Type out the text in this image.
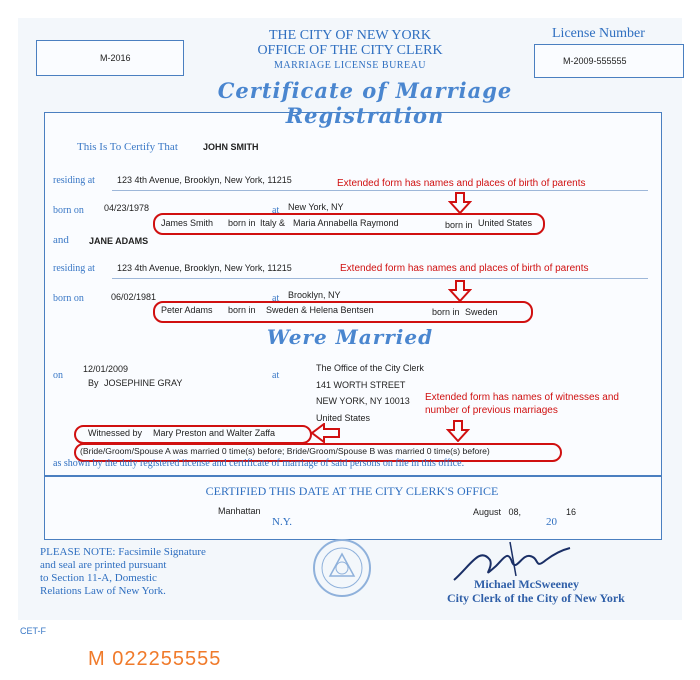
M-2016
THE CITY OF NEW YORK
OFFICE OF THE CITY CLERK
MARRIAGE LICENSE BUREAU
License Number
M-2009-555555
Certificate of Marriage Registration
This Is To Certify That	JOHN SMITH
residing at 123 4th Avenue, Brooklyn, New York, 11215
born on 04/23/1978	at New York, NY
James Smith born in Italy & Maria Annabella Raymond	born in United States
and JANE ADAMS
residing at 123 4th Avenue, Brooklyn, New York, 11215
born on	06/02/1981	at Brooklyn, NY
Peter Adams born in Sweden & Helena Bentsen	born in Sweden
Were Married
12/01/2009
on
By JOSEPHINE GRAY
at
The Office of the City Clerk
141 WORTH STREET
NEW YORK, NY 10013
United States
Witnessed by Mary Preston and Walter Zaffa
(Bride/Groom/Spouse A was married 0 time(s) before; Bride/Groom/Spouse B was married 0 time(s) before)
as shown by the duly registered license and certificate of marriage of said persons on file in this office.
Extended form has names and places of birth of parents
Extended form has names and places of birth of parents
Extended form has names of witnesses and
number of previous marriages
CERTIFIED THIS DATE AT THE CITY CLERK'S OFFICE
Manhattan
N.Y.
August   08,	16
20
PLEASE NOTE: Facsimile Signature
and seal are printed pursuant
to Section 11-A, Domestic
Relations Law of New York.	Michael McSweeney
City Clerk of the City of New York
CET-F
M 022255555
